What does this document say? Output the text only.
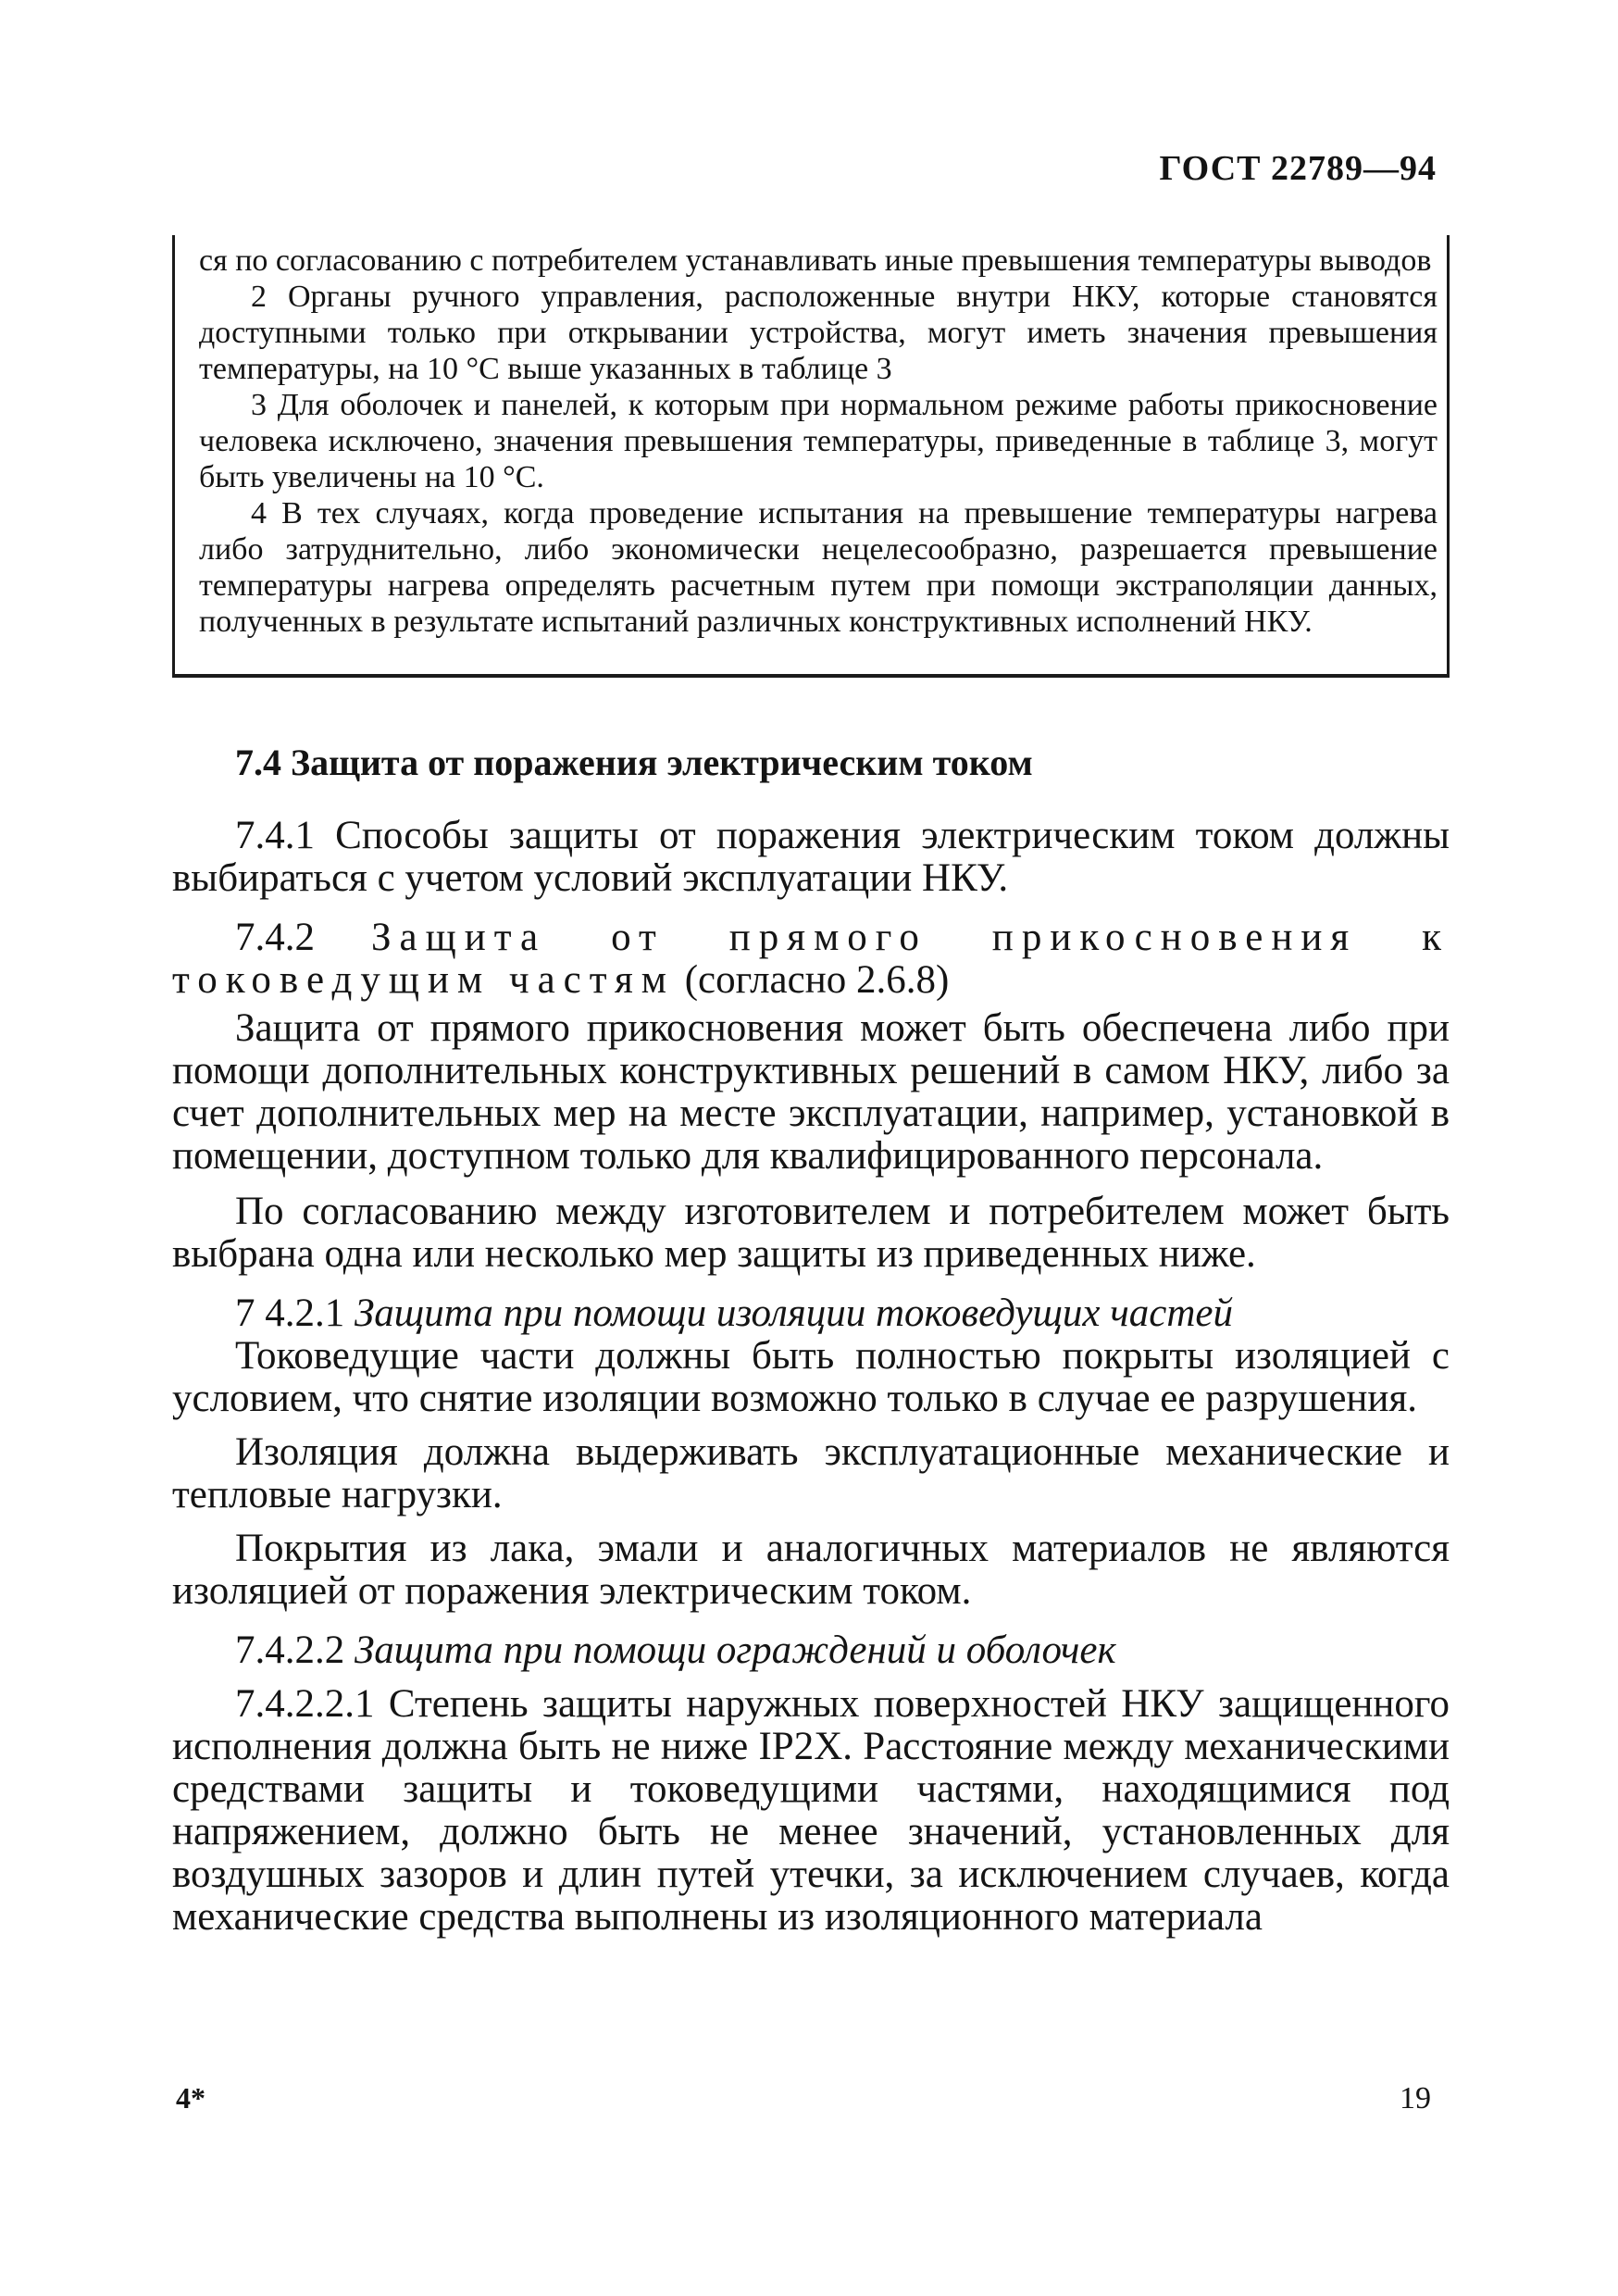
ГОСТ 22789—94

ся по согласованию с потребителем устанавливать иные превышения температуры выводов

2 Органы ручного управления, расположенные внутри НКУ, которые становятся доступными только при открывании устройства, могут иметь значения превышения температуры, на 10 °С выше указанных в таблице 3

3 Для оболочек и панелей, к которым при нормальном режиме работы прикосновение человека исключено, значения превышения температуры, приведенные в таблице 3, могут быть увеличены на 10 °С.

4 В тех случаях, когда проведение испытания на превышение температуры нагрева либо затруднительно, либо экономически нецелесообразно, разрешается превышение температуры нагрева определять расчетным путем при помощи экстраполяции данных, полученных в результате испытаний различных конструктивных исполнений НКУ.

7.4 Защита от поражения электрическим током

7.4.1 Способы защиты от поражения электрическим током должны выбираться с учетом условий эксплуатации НКУ.

7.4.2 Защита от прямого прикосновения к токоведущим частям (согласно 2.6.8)

Защита от прямого прикосновения может быть обеспечена либо при помощи дополнительных конструктивных решений в самом НКУ, либо за счет дополнительных мер на месте эксплуатации, например, установкой в помещении, доступном только для квалифицированного персонала.

По согласованию между изготовителем и потребителем может быть выбрана одна или несколько мер защиты из приведенных ниже.

7 4.2.1 Защита при помощи изоляции токоведущих частей

Токоведущие части должны быть полностью покрыты изоляцией с условием, что снятие изоляции возможно только в случае ее разрушения.

Изоляция должна выдерживать эксплуатационные механические и тепловые нагрузки.

Покрытия из лака, эмали и аналогичных материалов не являются изоляцией от поражения электрическим током.

7.4.2.2 Защита при помощи ограждений и оболочек

7.4.2.2.1 Степень защиты наружных поверхностей НКУ защищенного исполнения должна быть не ниже IP2X. Расстояние между механическими средствами защиты и токоведущими частями, находящимися под напряжением, должно быть не менее значений, установленных для воздушных зазоров и длин путей утечки, за исключением случаев, когда механические средства выполнены из изоляционного материала

4*	19
